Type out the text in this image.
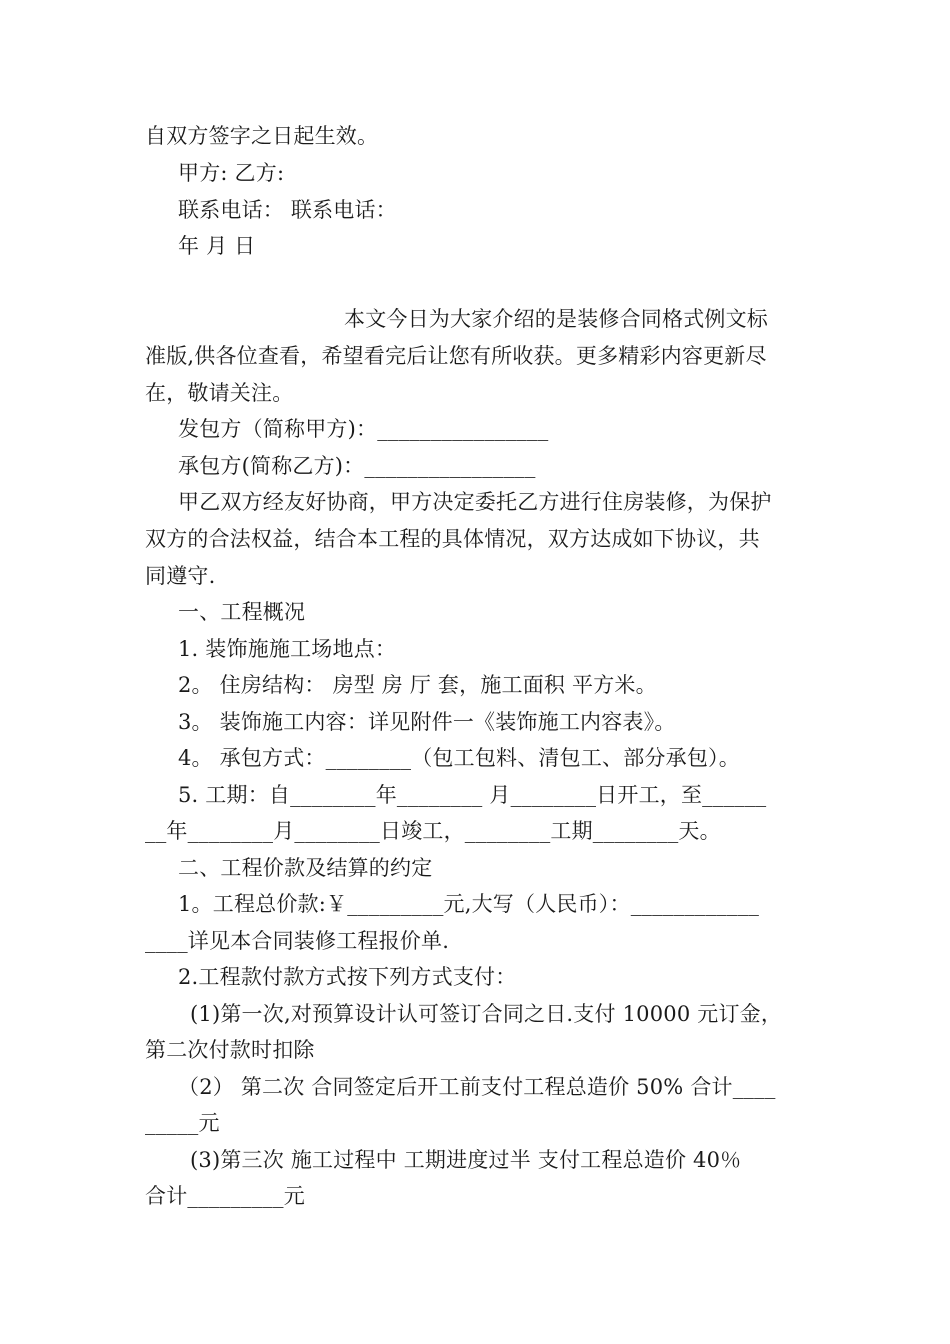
自双方签字之日起生效。
甲方: 乙方:
联系电话： 联系电话：
年 月 日
本文今日为大家介绍的是装修合同格式例文标
准版,供各位查看，希望看完后让您有所收获。更多精彩内容更新尽
在，敬请关注。
发包方（简称甲方)：________________
承包方(简称乙方)：________________
甲乙双方经友好协商，甲方决定委托乙方进行住房装修，为保护
双方的合法权益，结合本工程的具体情况，双方达成如下协议，共
同遵守.
一、工程概况
1. 装饰施施工场地点：
2。 住房结构： 房型 房 厅 套，施工面积 平方米。
3。 装饰施工内容：详见附件一《装饰施工内容表》。
4。 承包方式：________（包工包料、清包工、部分承包）。
5. 工期：自________年________ 月________日开工，至______
__年________月________日竣工，________工期________天。
二、工程价款及结算的约定
1。工程总价款:￥_________元,大写（人民币）：____________
____详见本合同装修工程报价单.
2.工程款付款方式按下列方式支付：
(1)第一次,对预算设计认可签订合同之日.支付 10000 元订金，
第二次付款时扣除
（2） 第二次 合同签定后开工前支付工程总造价 50% 合计____
_____元
(3)第三次 施工过程中 工期进度过半 支付工程总造价 40％
合计_________元
